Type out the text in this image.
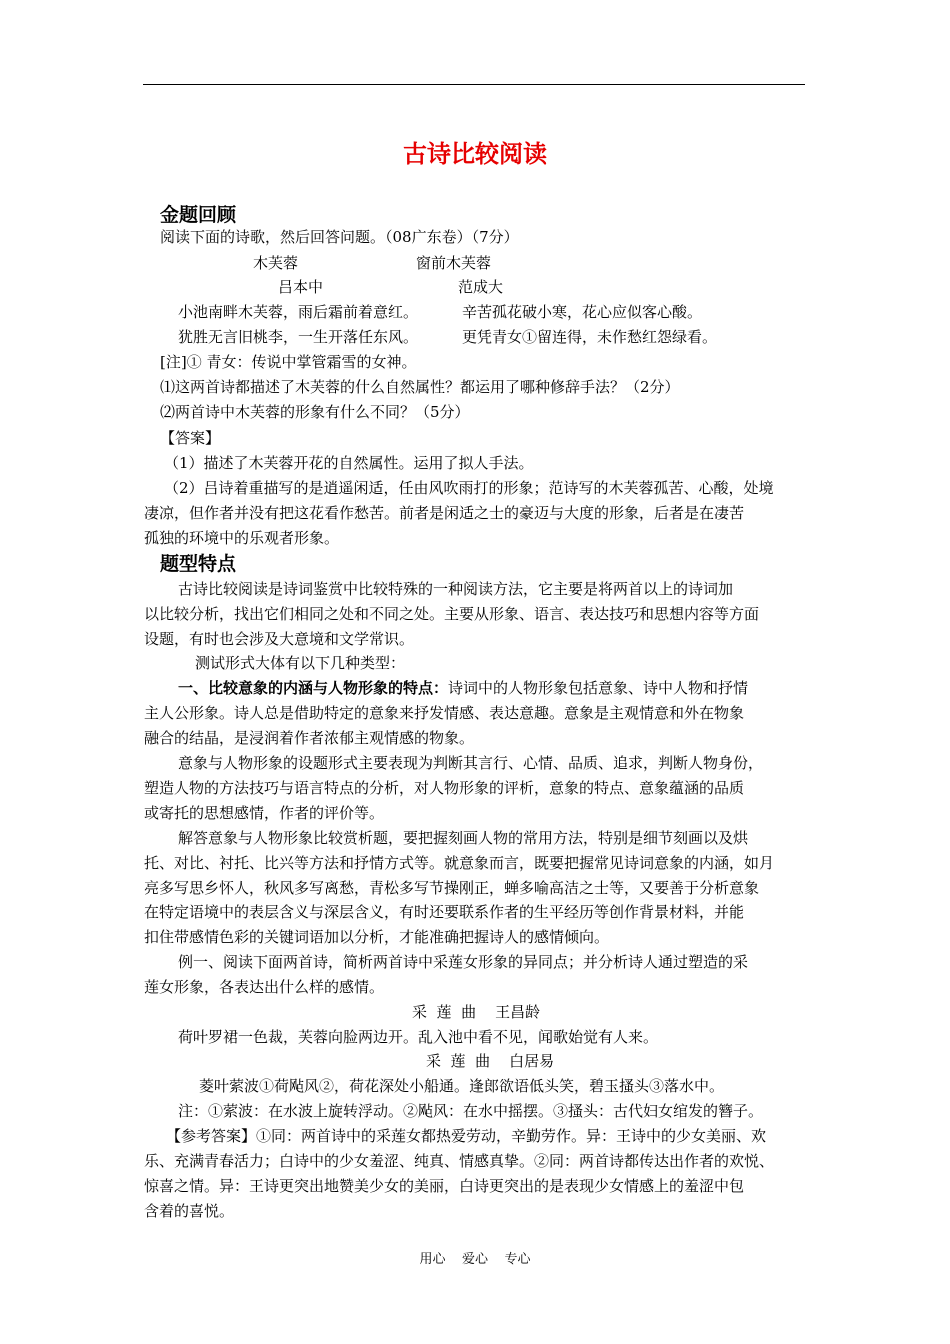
古诗比较阅读
金题回顾
阅读下面的诗歌，然后回答问题。（08广东卷）（7分）
木芙蓉	窗前木芙蓉
吕本中	范成大
小池南畔木芙蓉，雨后霜前着意红。	辛苦孤花破小寒，花心应似客心酸。
犹胜无言旧桃李，一生开落任东风。	更凭青女①留连得，未作愁红怨绿看。
[注]① 青女：传说中掌管霜雪的女神。
⑴这两首诗都描述了木芙蓉的什么自然属性？都运用了哪种修辞手法？（2分）
⑵两首诗中木芙蓉的形象有什么不同？（5分）
【答案】
（1）描述了木芙蓉开花的自然属性。运用了拟人手法。
（2）吕诗着重描写的是逍遥闲适，任由风吹雨打的形象；范诗写的木芙蓉孤苦、心酸，处境
凄凉，但作者并没有把这花看作愁苦。前者是闲适之士的豪迈与大度的形象，后者是在凄苦
孤独的环境中的乐观者形象。
题型特点
古诗比较阅读是诗词鉴赏中比较特殊的一种阅读方法，它主要是将两首以上的诗词加
以比较分析，找出它们相同之处和不同之处。主要从形象、语言、表达技巧和思想内容等方面
设题，有时也会涉及大意境和文学常识。
测试形式大体有以下几种类型：
一、比较意象的内涵与人物形象的特点：诗词中的人物形象包括意象、诗中人物和抒情
主人公形象。诗人总是借助特定的意象来抒发情感、表达意趣。意象是主观情意和外在物象
融合的结晶，是浸润着作者浓郁主观情感的物象。
意象与人物形象的设题形式主要表现为判断其言行、心情、品质、追求，判断人物身份，
塑造人物的方法技巧与语言特点的分析，对人物形象的评析，意象的特点、意象蕴涵的品质
或寄托的思想感情，作者的评价等。
解答意象与人物形象比较赏析题，要把握刻画人物的常用方法，特别是细节刻画以及烘
托、对比、衬托、比兴等方法和抒情方式等。就意象而言，既要把握常见诗词意象的内涵，如月
亮多写思乡怀人，秋风多写离愁，青松多写节操刚正，蝉多喻高洁之士等，又要善于分析意象
在特定语境中的表层含义与深层含义，有时还要联系作者的生平经历等创作背景材料，并能
扣住带感情色彩的关键词语加以分析，才能准确把握诗人的感情倾向。
例一、阅读下面两首诗，简析两首诗中采莲女形象的异同点；并分析诗人通过塑造的采
莲女形象，各表达出什么样的感情。
采  莲  曲    王昌龄
荷叶罗裙一色裁，芙蓉向脸两边开。乱入池中看不见，闻歌始觉有人来。
采  莲  曲    白居易
菱叶萦波①荷飐风②，荷花深处小船通。逢郎欲语低头笑，碧玉搔头③落水中。
注：①萦波：在水波上旋转浮动。②飐风：在水中摇摆。③搔头：古代妇女绾发的簪子。
【参考答案】①同：两首诗中的采莲女都热爱劳动，辛勤劳作。异：王诗中的少女美丽、欢
乐、充满青春活力；白诗中的少女羞涩、纯真、情感真挚。②同：两首诗都传达出作者的欢悦、
惊喜之情。异：王诗更突出地赞美少女的美丽，白诗更突出的是表现少女情感上的羞涩中包
含着的喜悦。
用心    爱心    专心
